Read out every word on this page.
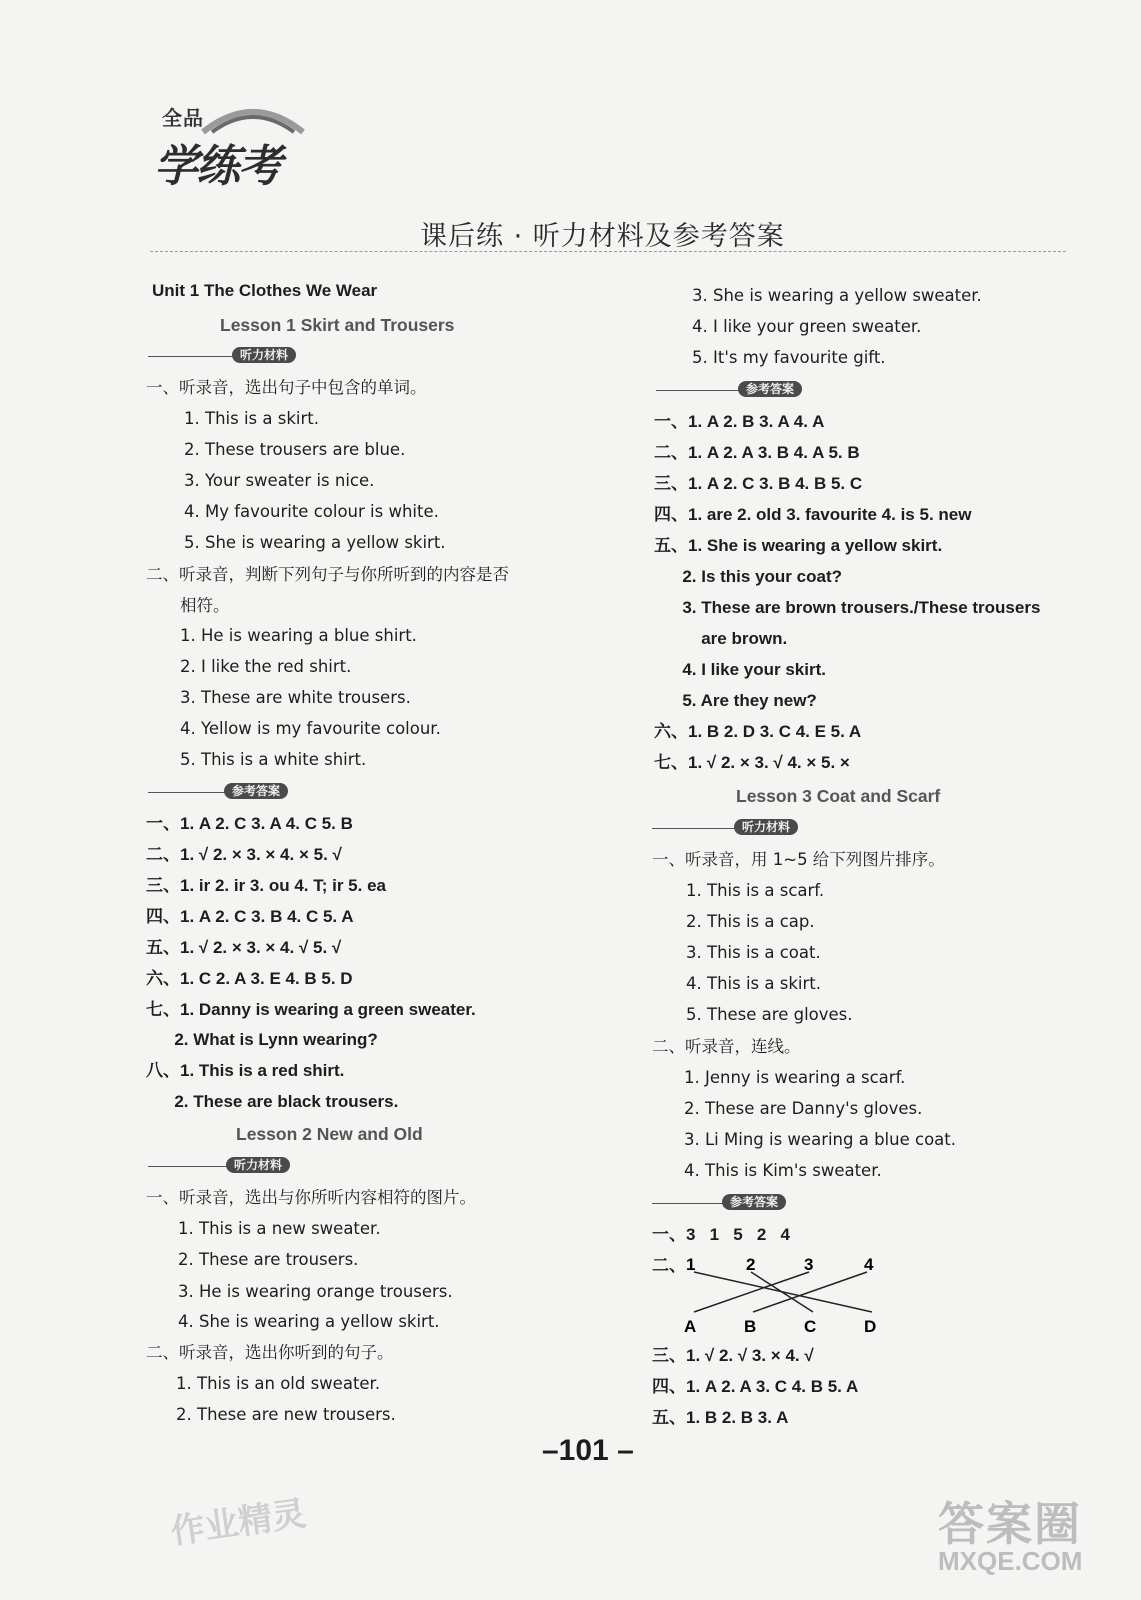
全品
学练考
课后练 · 听力材料及参考答案
Unit 1 The Clothes We Wear
Lesson 1 Skirt and Trousers
听力材料
一、听录音，选出句子中包含的单词。
1. This is a skirt.
2. These trousers are blue.
3. Your sweater is nice.
4. My favourite colour is white.
5. She is wearing a yellow skirt.
二、听录音，判断下列句子与你所听到的内容是否
相符。
1. He is wearing a blue shirt.
2. I like the red shirt.
3. These are white trousers.
4. Yellow is my favourite colour.
5. This is a white shirt.
参考答案
一、1. A 2. C 3. A 4. C 5. B
二、1. √ 2. × 3. × 4. × 5. √
三、1. ir 2. ir 3. ou 4. T; ir 5. ea
四、1. A 2. C 3. B 4. C 5. A
五、1. √ 2. × 3. × 4. √ 5. √
六、1. C 2. A 3. E 4. B 5. D
七、1. Danny is wearing a green sweater.
2. What is Lynn wearing?
八、1. This is a red shirt.
2. These are black trousers.
Lesson 2 New and Old
听力材料
一、听录音，选出与你所听内容相符的图片。
1. This is a new sweater.
2. These are trousers.
3. He is wearing orange trousers.
4. She is wearing a yellow skirt.
二、听录音，选出你听到的句子。
1. This is an old sweater.
2. These are new trousers.
3. She is wearing a yellow sweater.
4. I like your green sweater.
5. It's my favourite gift.
参考答案
一、1. A 2. B 3. A 4. A
二、1. A 2. A 3. B 4. A 5. B
三、1. A 2. C 3. B 4. B 5. C
四、1. are 2. old 3. favourite 4. is 5. new
五、1. She is wearing a yellow skirt.
2. Is this your coat?
3. These are brown trousers./These trousers
are brown.
4. I like your skirt.
5. Are they new?
六、1. B 2. D 3. C 4. E 5. A
七、1. √ 2. × 3. √ 4. × 5. ×
Lesson 3 Coat and Scarf
听力材料
一、听录音，用 1~5 给下列图片排序。
1. This is a scarf.
2. This is a cap.
3. This is a coat.
4. This is a skirt.
5. These are gloves.
二、听录音，连线。
1. Jenny is wearing a scarf.
2. These are Danny's gloves.
3. Li Ming is wearing a blue coat.
4. This is Kim's sweater.
参考答案
一、3   1   5   2   4
二、 1	2	3	4
A	B	C	D
三、1. √ 2. √ 3. × 4. √
四、1. A 2. A 3. C 4. B 5. A
五、1. B 2. B 3. A
–101 –
作业精灵	答案圈
MXQE.COM
